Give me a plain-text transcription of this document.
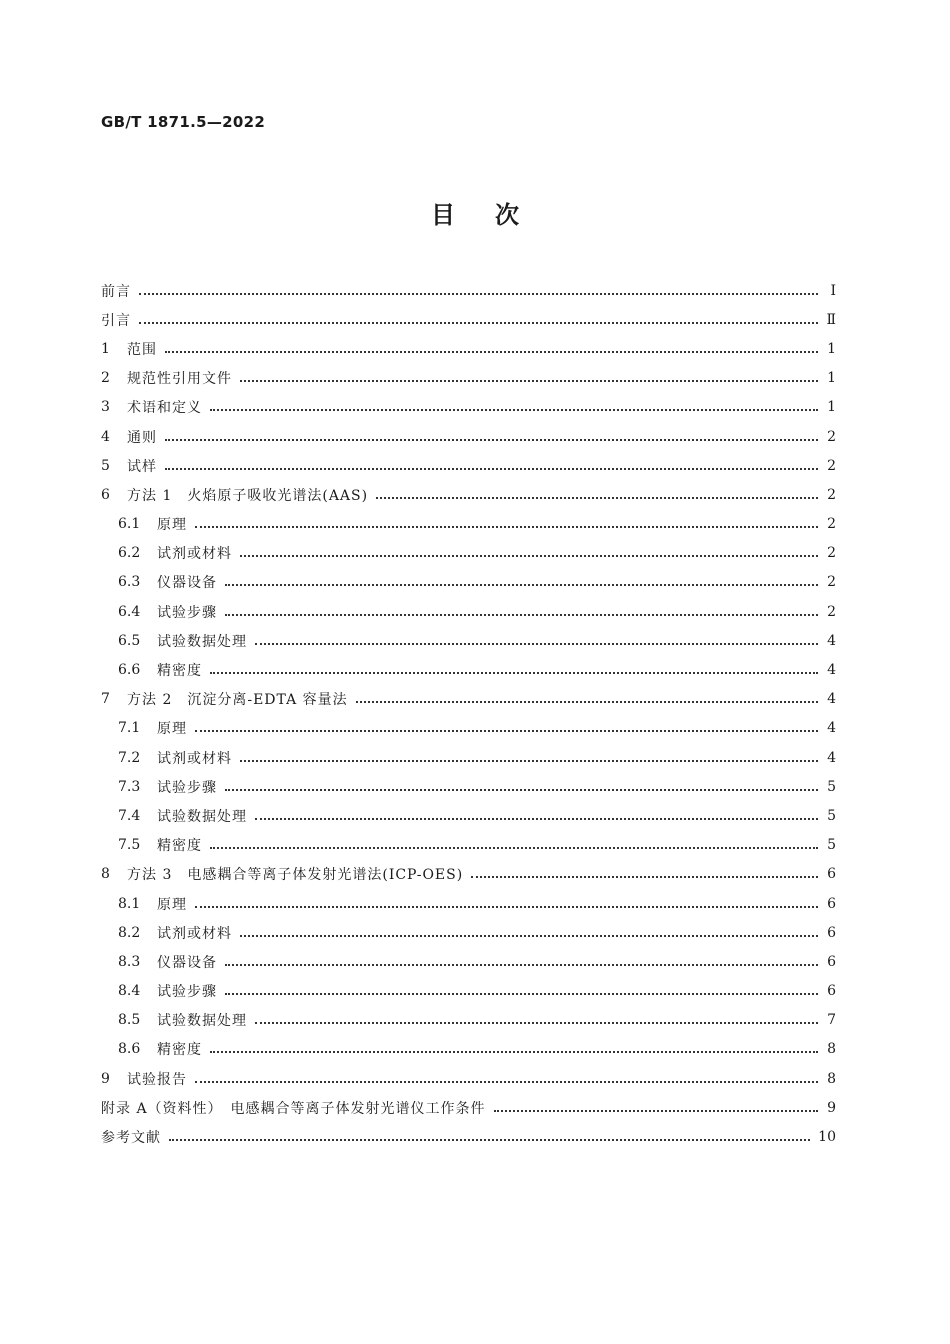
GB/T 1871.5—2022
目次
前言	Ⅰ
引言	Ⅱ
1	范围	1
2	规范性引用文件	1
3	术语和定义	1
4	通则	2
5	试样	2
6	方法 1　火焰原子吸收光谱法(AAS)	2
6.1	原理	2
6.2	试剂或材料	2
6.3	仪器设备	2
6.4	试验步骤	2
6.5	试验数据处理	4
6.6	精密度	4
7	方法 2　沉淀分离-EDTA 容量法	4
7.1	原理	4
7.2	试剂或材料	4
7.3	试验步骤	5
7.4	试验数据处理	5
7.5	精密度	5
8	方法 3　电感耦合等离子体发射光谱法(ICP-OES)	6
8.1	原理	6
8.2	试剂或材料	6
8.3	仪器设备	6
8.4	试验步骤	6
8.5	试验数据处理	7
8.6	精密度	8
9	试验报告	8
附录 A（资料性）　电感耦合等离子体发射光谱仪工作条件	9
参考文献	10
